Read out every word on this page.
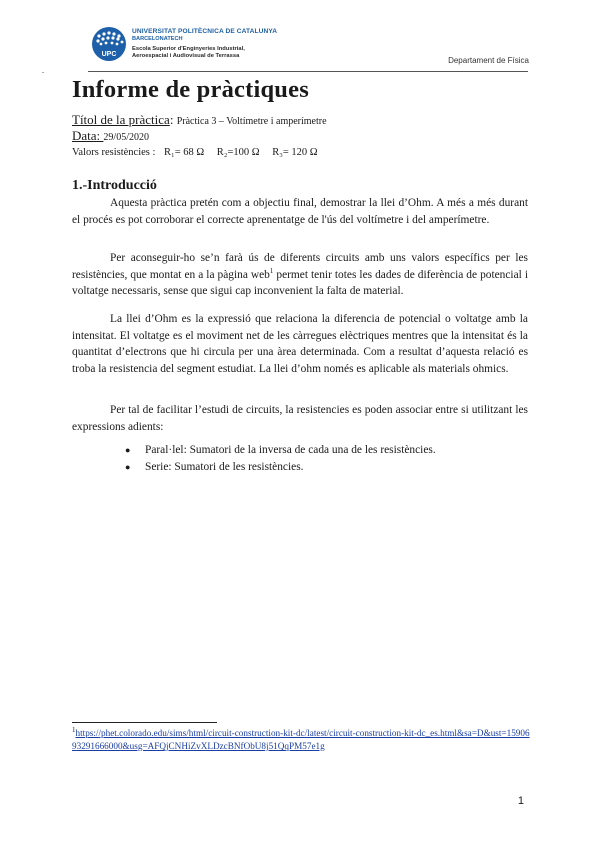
UPC
UNIVERSITAT POLITÈCNICA DE CATALUNYA
BARCELONATECH
Escola Superior d'Enginyeries Industrial,
Aeroespacial i Audiovisual de Terrassa	Departament de Física
.
Informe de pràctiques
Títol de la pràctica: Pràctica 3 – Voltímetre i amperímetre
Data: 29/05/2020
Valors resistències : R₁= 68 Ω R₂=100 Ω R₃= 120 Ω
1.-Introducció

Aquesta pràctica pretén com a objectiu final, demostrar la llei d’Ohm. A més a més durant el procés es pot corroborar el correcte aprenentatge de l'ús del voltímetre i del amperímetre.

Per aconseguir-ho se’n farà ús de diferents circuits amb uns valors específics per les resistències, que montat en a la pàgina web$^1$ permet tenir totes les dades de diferència de potencial i voltatge necessaris, sense que sigui cap inconvenient la falta de material.

La llei d’Ohm es la expressió que relaciona la diferencia de potencial o voltatge amb la intensitat. El voltatge es el moviment net de les càrregues elèctriques mentres que la intensitat és la quantitat d’electrons que hi circula per una àrea determinada. Com a resultat d’aquesta relació es troba la resistencia del segment estudiat. La llei d’ohm només es aplicable als materials ohmics.

Per tal de facilitar l’estudi de circuits, la resistencies es poden associar entre si utilitzant les expressions adients:

● Paral·lel: Sumatori de la inversa de cada una de les resistències.
● Serie: Sumatori de les resistències.
$^1$https://phet.colorado.edu/sims/html/circuit-construction-kit-dc/latest/circuit-construction-kit-dc_es.html&sa=D&ust=1590693291666000&usg=AFQjCNHiZvXLDzcBNfObU8j51QqPM57e1g
1
